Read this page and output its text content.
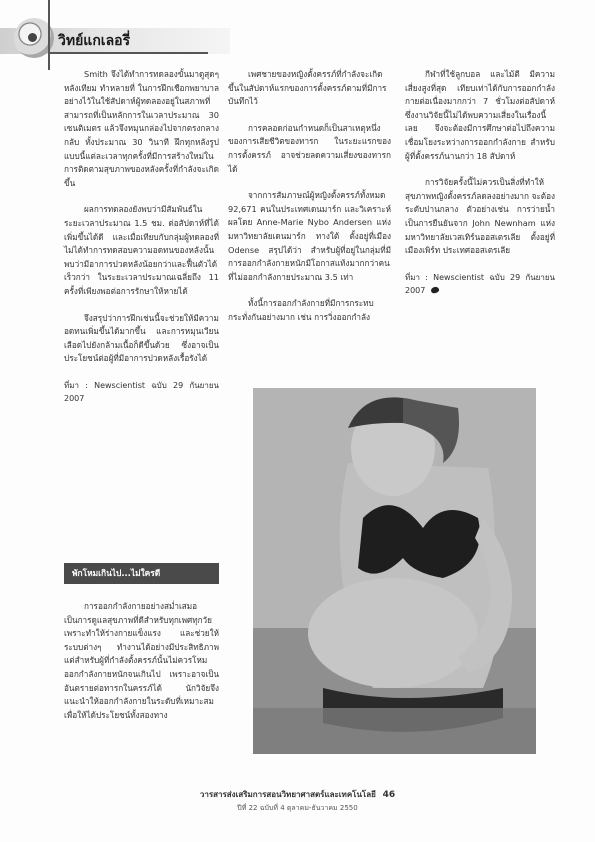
วิทย์แกเลอรี่

Smith จึงได้ทำการทดลองขั้นมาดูสุดๆหลังเทียม ทำหลายที่ ในการฝึกเชือกพยาบาลอย่างไว้ในใช้สัปดาห์ผู้ทดลองอยู่ในสภาพที่สามารถที่เป็นหลักการในเวลาประมาณ 30 เซนติเมตร แล้วจึงหมุนกล่องไปจากตรงกลางกลับ ทั้งประมาณ 30 วินาที ฝึกทุกหลังรูปแบบนี้แต่ละเวลาทุกครั้งที่มีการสร้างใหม่ในการติดตามสุขภาพของหลังครั้งที่กำลังจะเกิดขึ้น

ผลการทดลองยังพบว่ามีสัมพันธ์ในระยะเวลาประมาณ 1.5 ชม. ต่อสัปดาห์ที่ได้เพิ่มขึ้นได้ดี และเมื่อเทียบกับกลุ่มผู้ทดลองที่ไม่ได้ทำการทดสอบความอดทนของหลังนั้นพบว่ามีอาการปวดหลังน้อยกว่าและฟื้นตัวได้เร็วกว่า ในระยะเวลาประมาณเฉลี่ยถึง 11 ครั้งที่เพียงพอต่อการรักษาให้หายได้

จึงสรุปว่าการฝึกเช่นนี้จะช่วยให้มีความอดทนเพิ่มขึ้นได้มากขึ้น และการหมุนเวียนเลือดไปยังกล้ามเนื้อก็ดีขึ้นด้วย ซึ่งอาจเป็นประโยชน์ต่อผู้ที่มีอาการปวดหลังเรื้อรังได้

ที่มา : Newscientist ฉบับ 29 กันยายน 2007

เพศชายของหญิงตั้งครรภ์ที่กำลังจะเกิดขึ้นในสัปดาห์แรกของการตั้งครรภ์ตามที่มีการบันทึกไว้

การคลอดก่อนกำหนดก็เป็นสาเหตุหนึ่งของการเสียชีวิตของทารก ในระยะแรกของการตั้งครรภ์ อาจช่วยลดความเสี่ยงของทารกได้

จากการสัมภาษณ์ผู้หญิงตั้งครรภ์ทั้งหมด 92,671 คนในประเทศเดนมาร์ก และวิเคราะห์ผลโดย Anne-Marie Nybo Andersen แห่งมหาวิทยาลัยเดนมาร์ก ทางใต้ ตั้งอยู่ที่เมือง Odense สรุปได้ว่า สำหรับผู้ที่อยู่ในกลุ่มที่มีการออกกำลังกายหนักมีโอกาสแท้งมากกว่าคนที่ไม่ออกกำลังกายประมาณ 3.5 เท่า

ทั้งนี้การออกกำลังกายที่มีการกระทบกระทั่งกันอย่างมาก เช่น การวิ่งออกกำลัง

กีฬาที่ใช้ลูกบอล และไม้ตี มีความเสี่ยงสูงที่สุด เทียบเท่าได้กับการออกกำลังกายต่อเนื่องมากกว่า 7 ชั่วโมงต่อสัปดาห์ ซึ่งงานวิจัยนี้ไม่ได้พบความเสี่ยงในเรื่องนี้เลย จึงจะต้องมีการศึกษาต่อไปถึงความเชื่อมโยงระหว่างการออกกำลังกาย สำหรับผู้ที่ตั้งครรภ์นานกว่า 18 สัปดาห์

การวิจัยครั้งนี้ไม่ควรเป็นสิ่งที่ทำให้สุขภาพหญิงตั้งครรภ์ลดลงอย่างมาก จะต้องระดับปานกลาง ตัวอย่างเช่น การว่ายน้ำ เป็นการยืนยันจาก John Newnham แห่งมหาวิทยาลัยเวสเทิร์นออสเตรเลีย ตั้งอยู่ที่เมืองเพิร์ท ประเทศออสเตรเลีย

ที่มา : Newscientist ฉบับ 29 กันยายน 2007
พักโหมเกินไป...ไม่ใครดี

การออกกำลังกายอย่างสม่ำเสมอ เป็นการดูแลสุขภาพที่ดีสำหรับทุกเพศทุกวัย เพราะทำให้ร่างกายแข็งแรง และช่วยให้ระบบต่างๆ ทำงานได้อย่างมีประสิทธิภาพ แต่สำหรับผู้ที่กำลังตั้งครรภ์นั้นไม่ควรโหมออกกำลังกายหนักจนเกินไป เพราะอาจเป็นอันตรายต่อทารกในครรภ์ได้ นักวิจัยจึงแนะนำให้ออกกำลังกายในระดับที่เหมาะสมเพื่อให้ได้ประโยชน์ทั้งสองทาง

วารสารส่งเสริมการสอนวิทยาศาสตร์และเทคโนโลยี 46
ปีที่ 22 ฉบับที่ 4 ตุลาคม-ธันวาคม 2550
